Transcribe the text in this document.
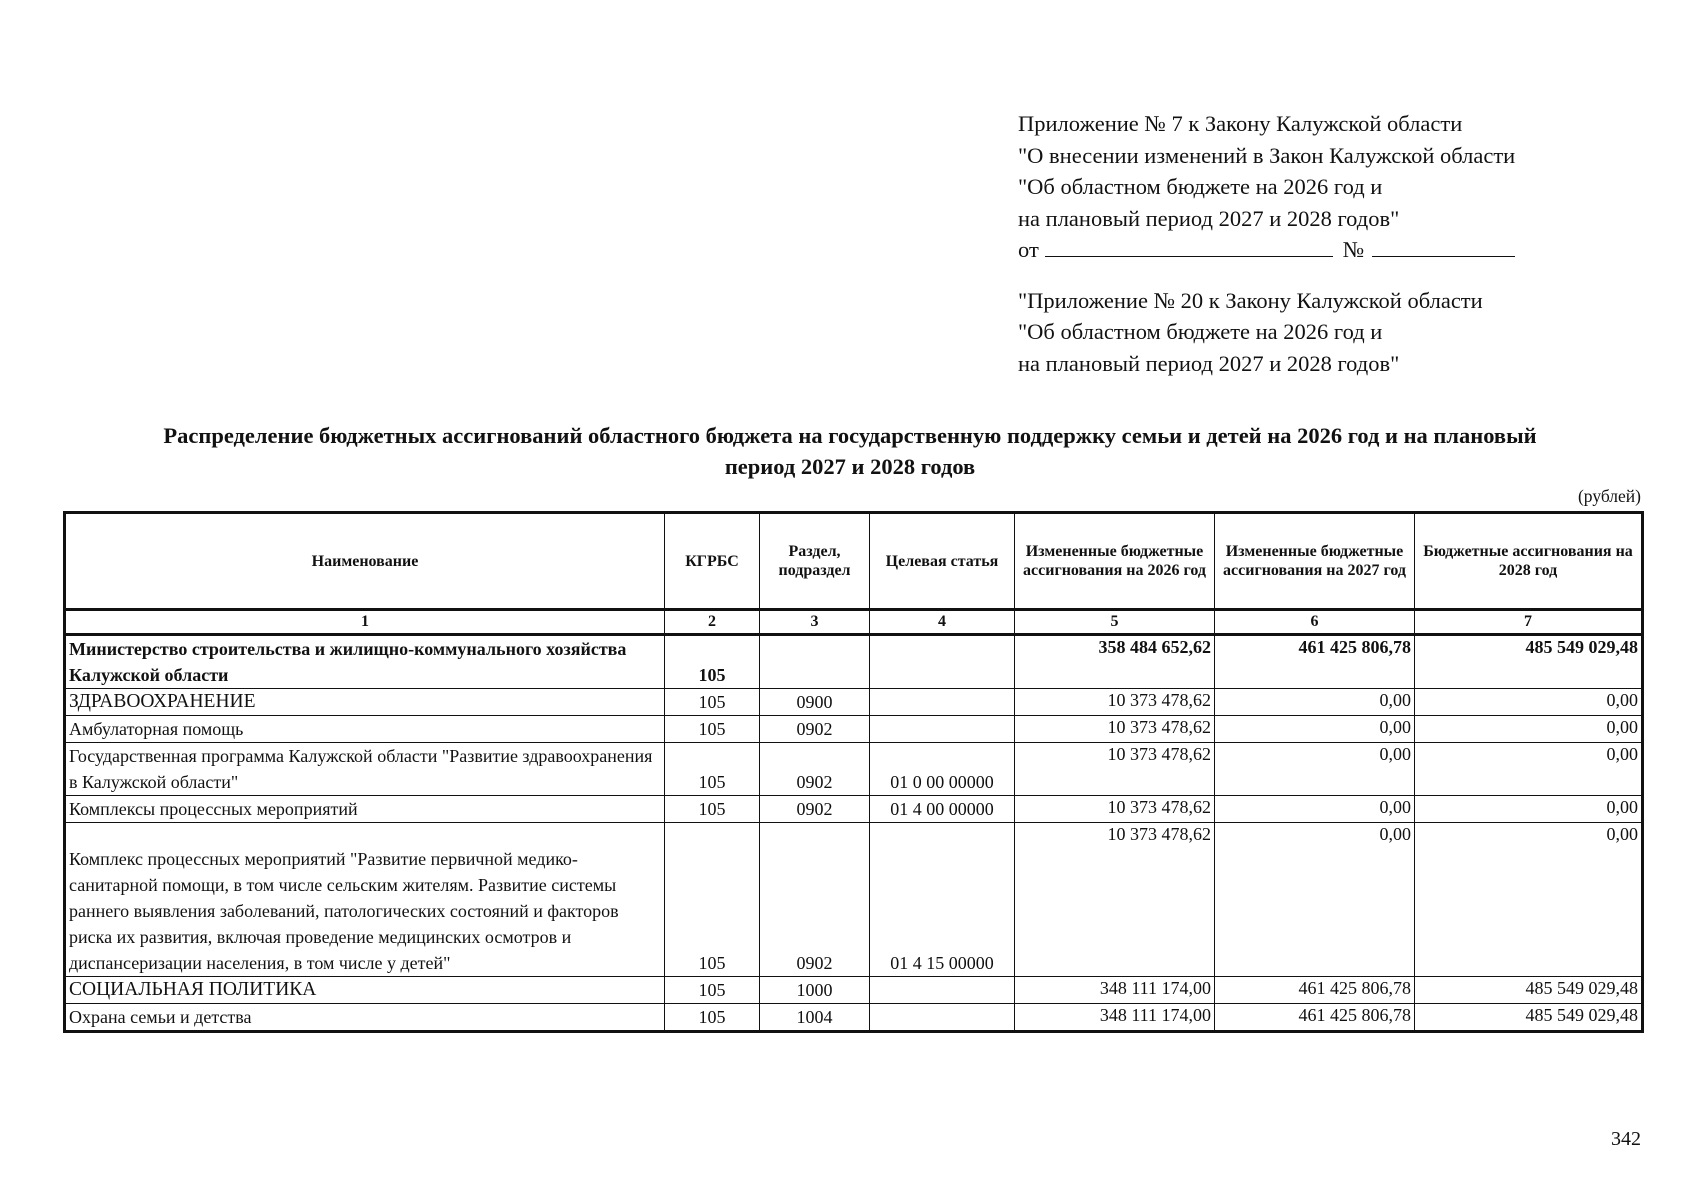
Приложение № 7 к Закону Калужской области
"О внесении изменений в Закон Калужской области
"Об областном бюджете на 2026 год и
на плановый период 2027 и 2028 годов"
от	№
"Приложение № 20 к Закону Калужской области
"Об областном бюджете на 2026 год и
на плановый период 2027 и 2028 годов"
Распределение бюджетных ассигнований областного бюджета на государственную поддержку семьи и детей на 2026 год и на плановый
период 2027 и 2028 годов
(рублей)
Наименование	КГРБС	Раздел, подраздел	Целевая статья	Измененные бюджетные ассигнования на 2026 год	Измененные бюджетные ассигнования на 2027 год	Бюджетные ассигнования на 2028 год
1	2	3	4	5	6	7
Министерство строительства и жилищно-коммунального хозяйства Калужской области	105			358 484 652,62	461 425 806,78	485 549 029,48
ЗДРАВООХРАНЕНИЕ	105	0900		10 373 478,62	0,00	0,00
Амбулаторная помощь	105	0902		10 373 478,62	0,00	0,00
Государственная программа Калужской области "Развитие здравоохранения в Калужской области"	105	0902	01 0 00 00000	10 373 478,62	0,00	0,00
Комплексы процессных мероприятий	105	0902	01 4 00 00000	10 373 478,62	0,00	0,00
Комплекс процессных мероприятий "Развитие первичной медико-санитарной помощи, в том числе сельским жителям. Развитие системы раннего выявления заболеваний, патологических состояний и факторов риска их развития, включая проведение медицинских осмотров и диспансеризации населения, в том числе у детей"	105	0902	01 4 15 00000	10 373 478,62	0,00	0,00
СОЦИАЛЬНАЯ ПОЛИТИКА	105	1000		348 111 174,00	461 425 806,78	485 549 029,48
Охрана семьи и детства	105	1004		348 111 174,00	461 425 806,78	485 549 029,48
342
